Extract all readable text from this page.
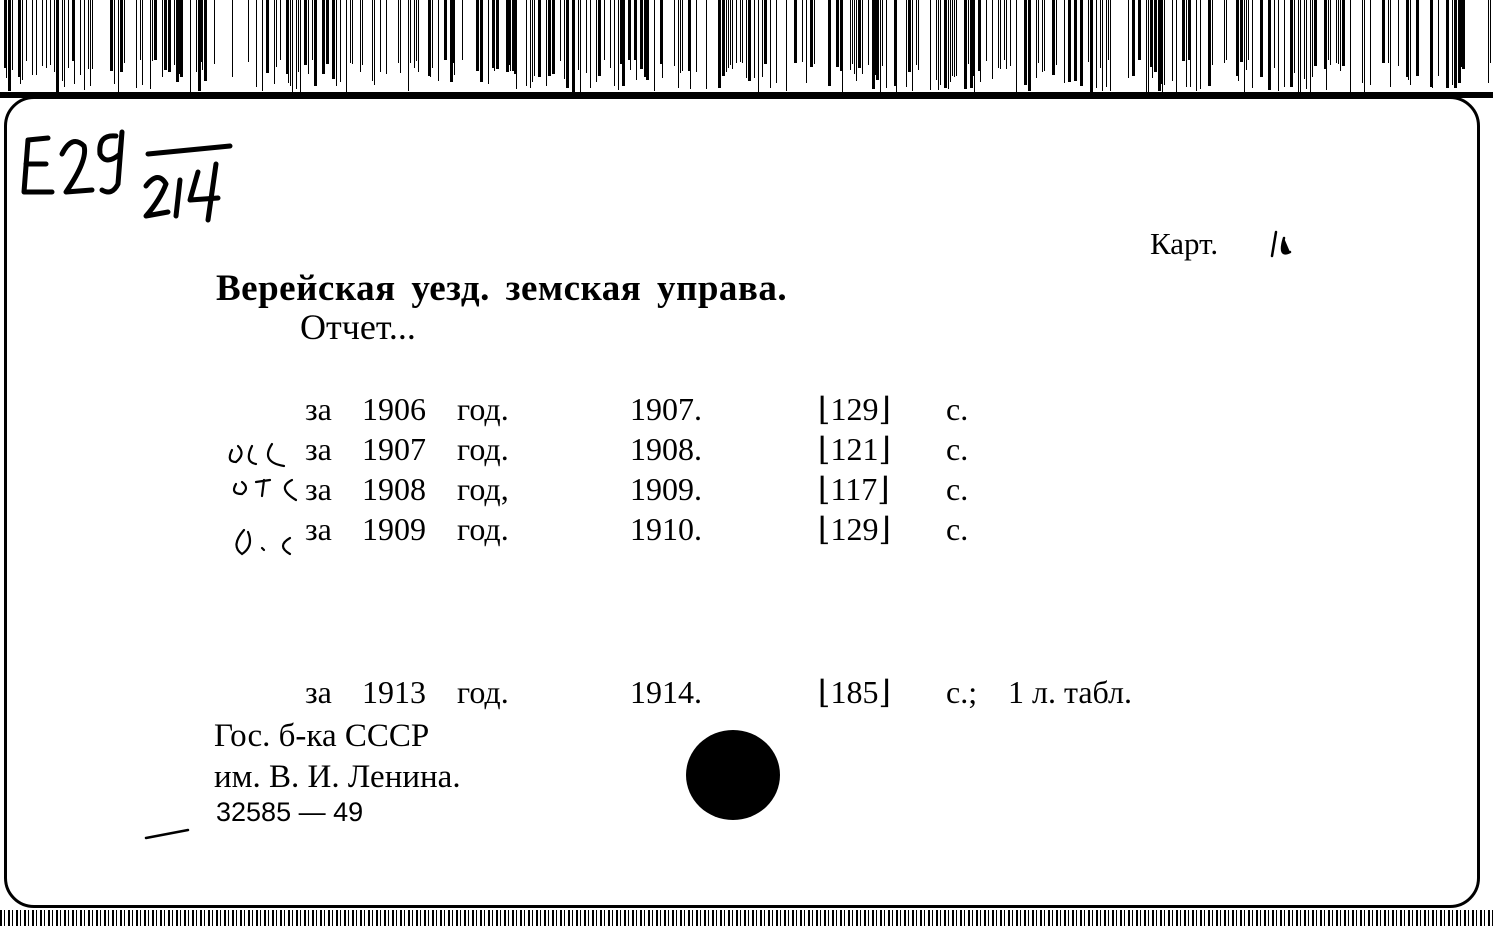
E29
Карт.
Верейская уезд. земская управа.
Отчет...
за 1906 год.	1907.	⌊129⌋ с.
за 1907 год.	1908.	⌊121⌋ с.
за 1908 год,	1909.	⌊117⌋ с.
за 1909 год.	1910.	⌊129⌋ с.
за 1913 год.	1914.	⌊185⌋ с.; 1 л. табл.
Гос. б-ка СССР
им. В. И. Ленина.
32585 — 49
